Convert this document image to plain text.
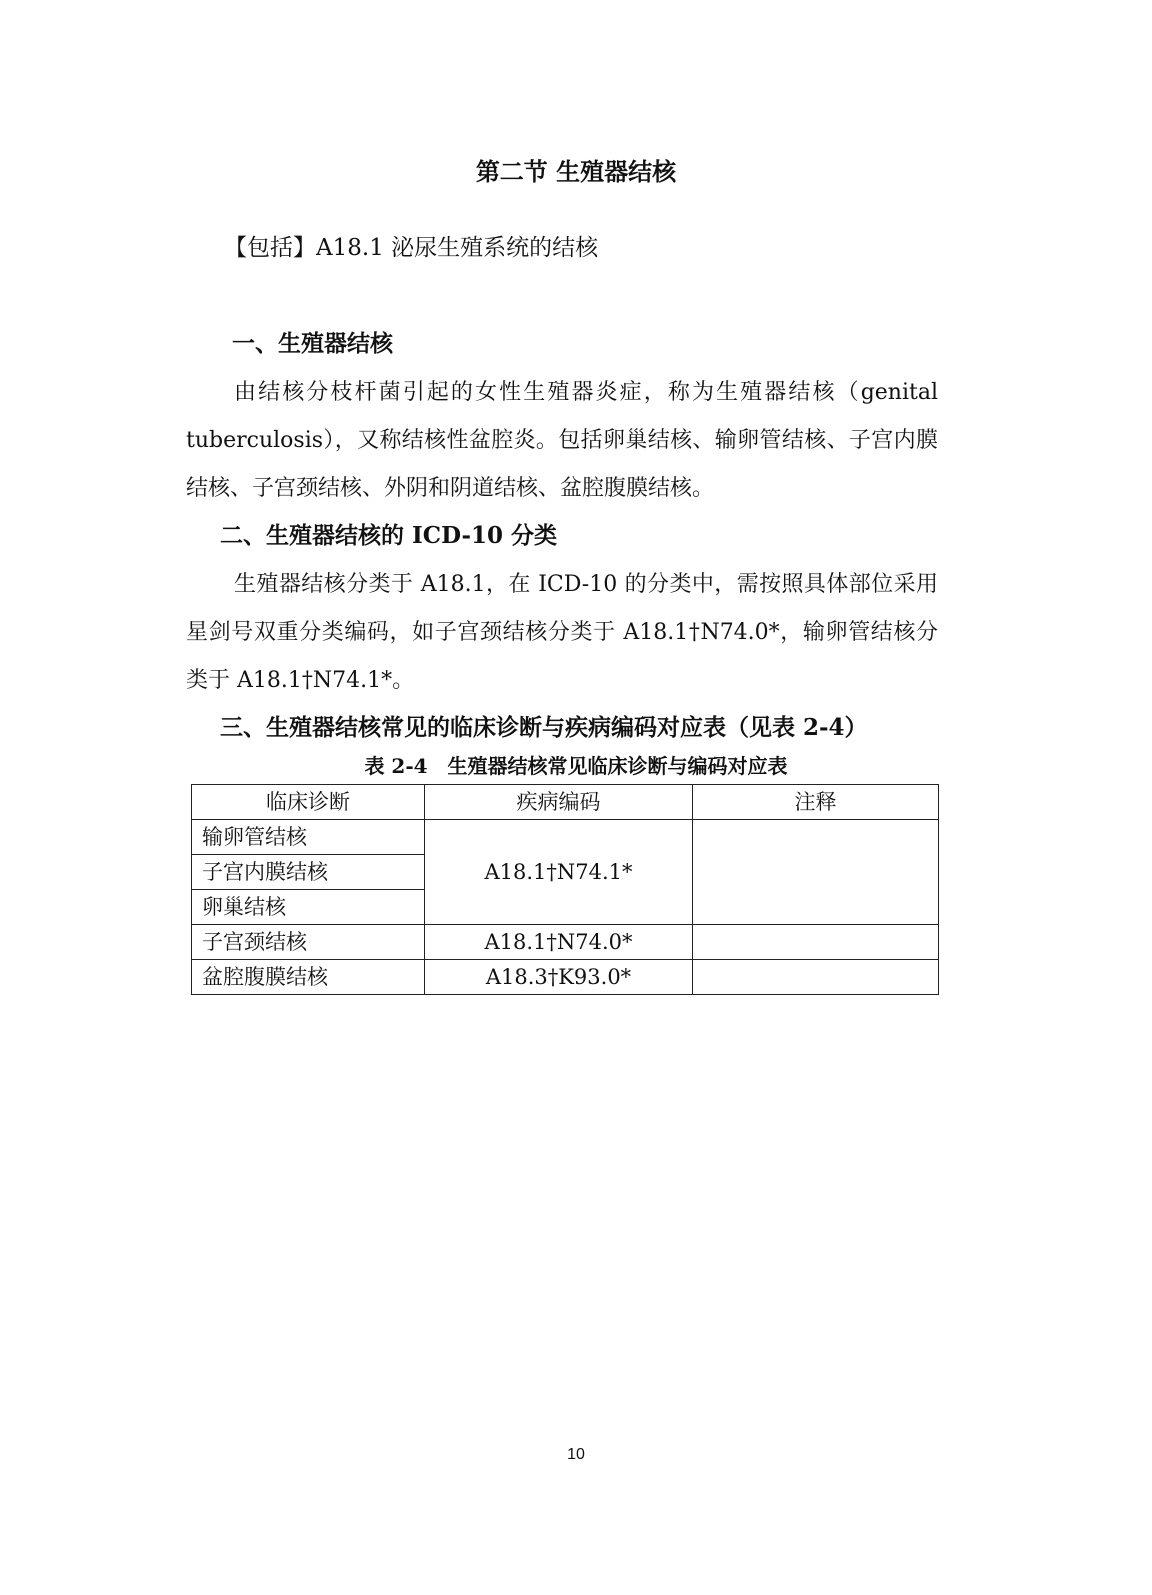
第二节 生殖器结核
【包括】A18.1 泌尿生殖系统的结核
一、生殖器结核

由结核分枝杆菌引起的女性生殖器炎症，称为生殖器结核（genital tuberculosis），又称结核性盆腔炎。包括卵巢结核、输卵管结核、子宫内膜结核、子宫颈结核、外阴和阴道结核、盆腔腹膜结核。

二、生殖器结核的 ICD-10 分类

生殖器结核分类于 A18.1，在 ICD-10 的分类中，需按照具体部位采用星剑号双重分类编码，如子宫颈结核分类于 A18.1†N74.0*，输卵管结核分类于 A18.1†N74.1*。

三、生殖器结核常见的临床诊断与疾病编码对应表（见表 2-4）
表 2-4　生殖器结核常见临床诊断与编码对应表
临床诊断	疾病编码	注释
输卵管结核	A18.1†N74.1*	
子宫内膜结核		
卵巢结核		
子宫颈结核	A18.1†N74.0*	
盆腔腹膜结核	A18.3†K93.0*	
10
